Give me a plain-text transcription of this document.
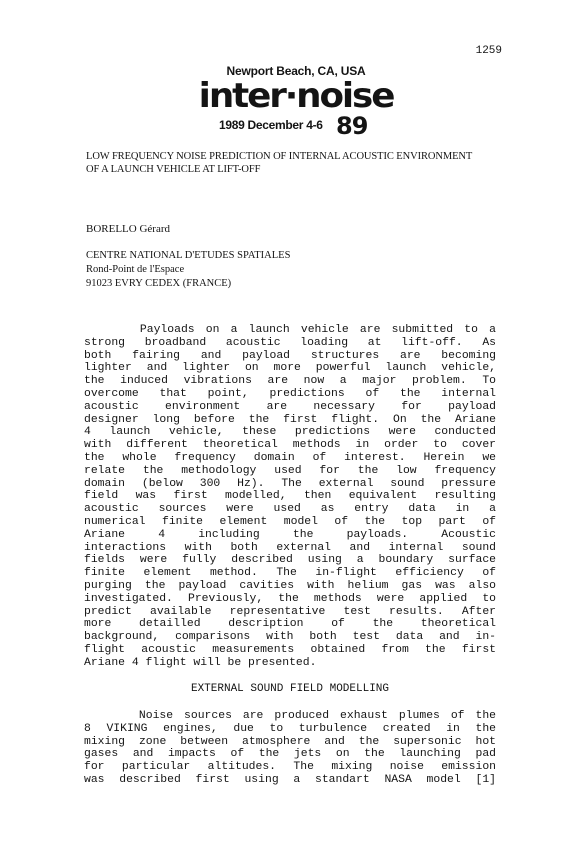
1259
Newport Beach, CA, USA
inter·noise
1989 December 4-6 89
LOW FREQUENCY NOISE PREDICTION OF INTERNAL ACOUSTIC ENVIRONMENT
OF A LAUNCH VEHICLE AT LIFT-OFF
BORELLO Gérard
CENTRE NATIONAL D'ETUDES SPATIALES
Rond-Point de l'Espace
91023 EVRY CEDEX (FRANCE)
Payloads on a launch vehicle are submitted to a
strong broadband acoustic loading at lift-off. As
both fairing and payload structures are becoming
lighter and lighter on more powerful launch vehicle,
the induced vibrations are now a major problem. To
overcome that point, predictions of the internal
acoustic environment are necessary for payload
designer long before the first flight. On the Ariane
4 launch vehicle, these predictions were conducted
with different theoretical methods in order to cover
the whole frequency domain of interest. Herein we
relate the methodology used for the low frequency
domain (below 300 Hz). The external sound pressure
field was first modelled, then equivalent resulting
acoustic sources were used as entry data in a
numerical finite element model of the top part of
Ariane 4 including the payloads. Acoustic
interactions with both external and internal sound
fields were fully described using a boundary surface
finite element method. The in-flight efficiency of
purging the payload cavities with helium gas was also
investigated. Previously, the methods were applied to
predict available representative test results. After
more detailled description of the theoretical
background, comparisons with both test data and in-
flight acoustic measurements obtained from the first
Ariane 4 flight will be presented.
EXTERNAL SOUND FIELD MODELLING
Noise sources are produced exhaust plumes of the
8 VIKING engines, due to turbulence created in the
mixing zone between atmosphere and the supersonic hot
gases and impacts of the jets on the launching pad
for particular altitudes. The mixing noise emission
was described first using a standart NASA model [1]
